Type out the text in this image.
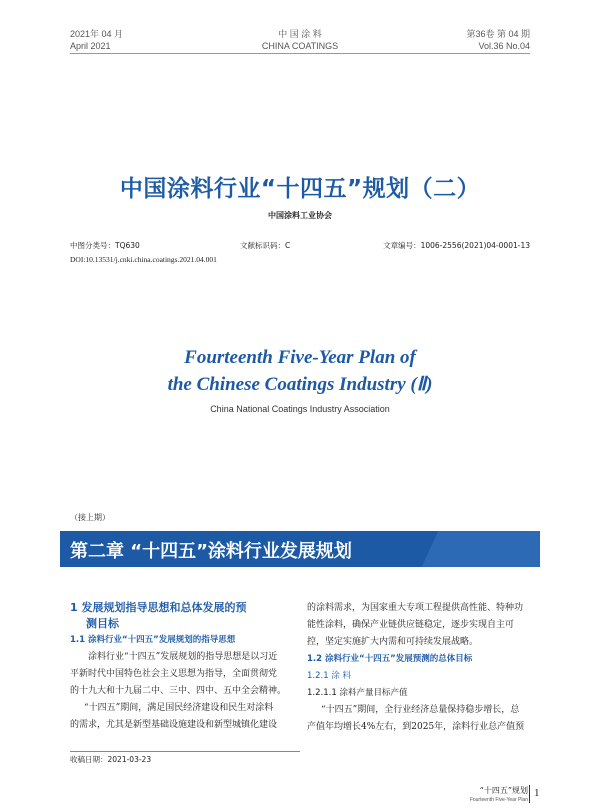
2021年 04 月
April 2021
中 国 涂 料
CHINA COATINGS
第36卷 第 04 期
Vol.36 No.04
中国涂料行业“十四五”规划（二）
中国涂料工业协会
中图分类号：TQ630	文献标识码：C	文章编号：1006-2556(2021)04-0001-13
DOI:10.13531/j.cnki.china.coatings.2021.04.001
Fourteenth Five-Year Plan of
the Chinese Coatings Industry (Ⅱ)
China National Coatings Industry Association
（接上期）
第二章 “十四五”涂料行业发展规划
1 发展规划指导思想和总体发展的预
测目标
1.1 涂料行业“十四五”发展规划的指导思想
涂料行业“十四五”发展规划的指导思想是以习近
平新时代中国特色社会主义思想为指导，全面贯彻党
的十九大和十九届二中、三中、四中、五中全会精神。
“十四五”期间，满足国民经济建设和民生对涂料
的需求，尤其是新型基础设施建设和新型城镇化建设
的涂料需求，为国家重大专项工程提供高性能、特种功
能性涂料，确保产业链供应链稳定，逐步实现自主可
控，坚定实施扩大内需和可持续发展战略。
1.2 涂料行业“十四五”发展预测的总体目标
1.2.1 涂 料
1.2.1.1 涂料产量目标产值
“十四五”期间，全行业经济总量保持稳步增长，总
产值年均增长4%左右，到2025年，涂料行业总产值预
收稿日期：2021-03-23
“十四五”规划
Fourteenth Five-Year Plan
1
